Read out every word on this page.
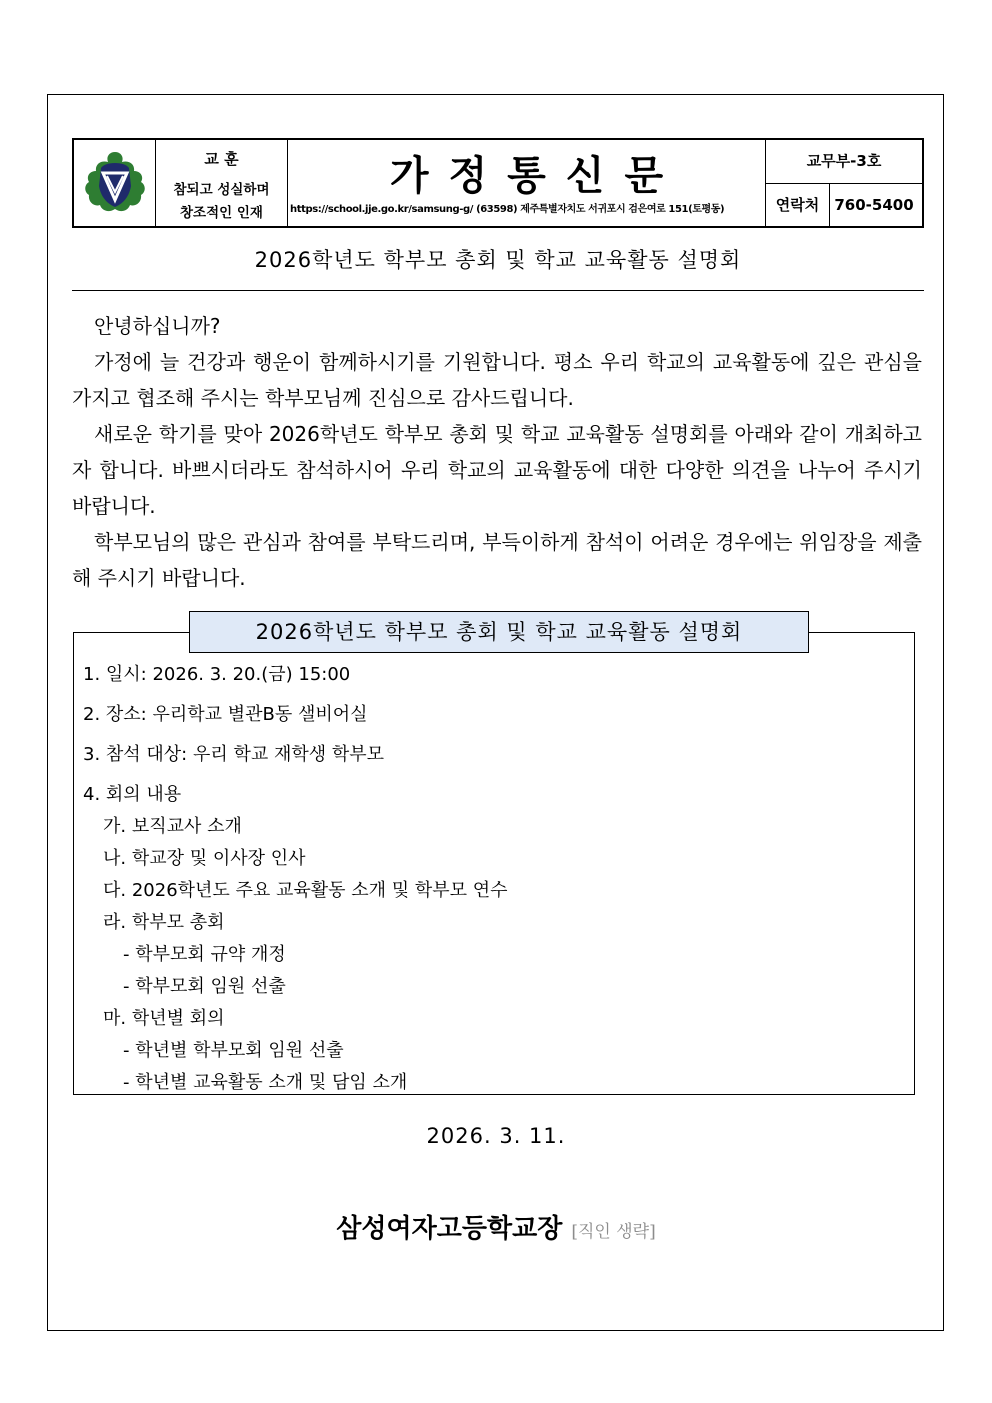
교 훈
참되고 성실하며
창조적인 인재
가정통신문
https://school.jje.go.kr/samsung-g/ (63598) 제주특별자치도 서귀포시 검은여로 151(토평동)
교무부-3호
연락처	760-5400
2026학년도 학부모 총회 및 학교 교육활동 설명회

안녕하십니까?

가정에 늘 건강과 행운이 함께하시기를 기원합니다. 평소 우리 학교의 교육활동에 깊은 관심을 가지고 협조해 주시는 학부모님께 진심으로 감사드립니다.

새로운 학기를 맞아 2026학년도 학부모 총회 및 학교 교육활동 설명회를 아래와 같이 개최하고자 합니다. 바쁘시더라도 참석하시어 우리 학교의 교육활동에 대한 다양한 의견을 나누어 주시기 바랍니다.

학부모님의 많은 관심과 참여를 부탁드리며, 부득이하게 참석이 어려운 경우에는 위임장을 제출해 주시기 바랍니다.

2026학년도 학부모 총회 및 학교 교육활동 설명회
1. 일시: 2026. 3. 20.(금) 15:00
2. 장소: 우리학교 별관B동 샐비어실
3. 참석 대상: 우리 학교 재학생 학부모
4. 회의 내용
가. 보직교사 소개
나. 학교장 및 이사장 인사
다. 2026학년도 주요 교육활동 소개 및 학부모 연수
라. 학부모 총회
- 학부모회 규약 개정
- 학부모회 임원 선출
마. 학년별 회의
- 학년별 학부모회 임원 선출
- 학년별 교육활동 소개 및 담임 소개
2026. 3. 11.
삼성여자고등학교장 [직인 생략]
